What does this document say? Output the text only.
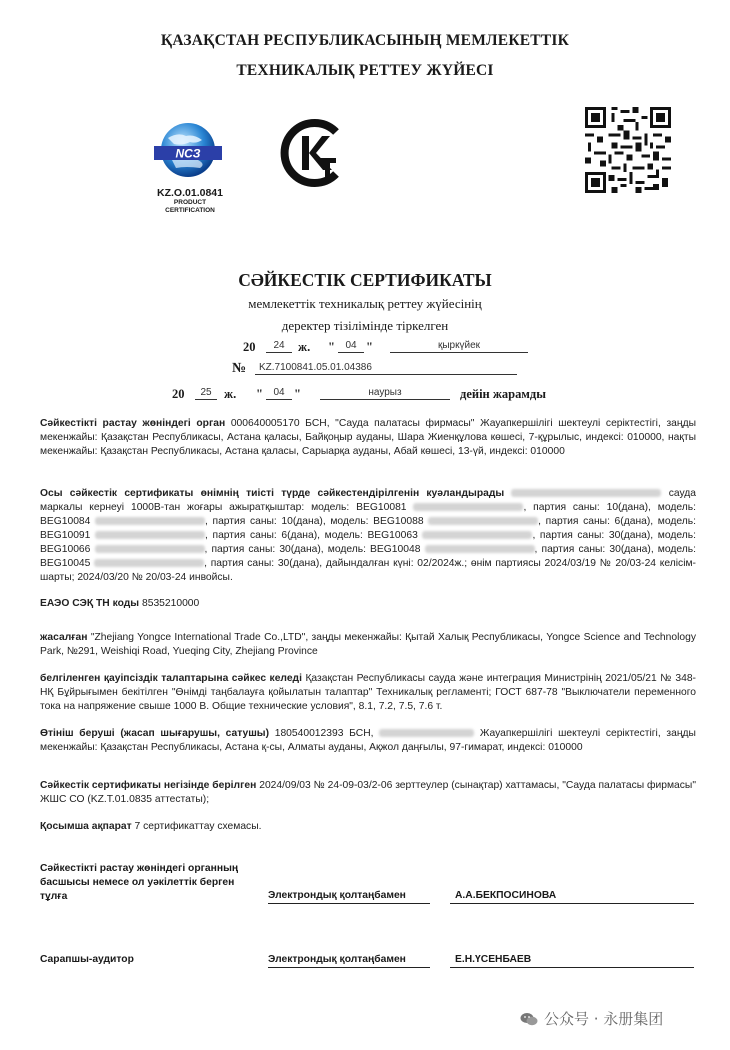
ҚАЗАҚСТАН РЕСПУБЛИКАСЫНЫҢ МЕМЛЕКЕТТІК
ТЕХНИКАЛЫҚ РЕТТЕУ ЖҮЙЕСІ
NCЗ
KZ.O.01.0841
PRODUCT
CERTIFICATION
СӘЙКЕСТІК СЕРТИФИКАТЫ
мемлекеттік техникалық реттеу жүйесінің
деректер тізілімінде тіркелген
20	24	ж. "	04 "	қыркүйек
№	KZ.7100841.05.01.04386
20	25 ж. "	04 "	наурыз	дейін жарамды
Сәйкестікті растау жөніндегі орган 000640005170 БСН, "Сауда палатасы фирмасы" Жауапкершілігі шектеулі серіктестігі, заңды мекенжайы: Қазақстан Республикасы, Астана қаласы, Байқоңыр ауданы, Шара Жиенқұлова көшесі, 7-құрылыс, индексі: 010000, нақты мекенжайы: Қазақстан Республикасы, Астана қаласы, Сарыарқа ауданы, Абай көшесі, 13-үй, индексі: 010000
Осы сәйкестік сертификаты өнімнің тиісті түрде сәйкестендірілгенін куәландырады	сауда маркалы кернеуі 1000В-тан жоғары ажыратқыштар: модель: BEG10081	, партия саны: 10(дана), модель: BEG10084	, партия саны: 10(дана), модель: BEG10088	, партия саны: 6(дана), модель: BEG10091	, партия саны: 6(дана), модель: BEG10063	, партия саны: 30(дана), модель: BEG10066	, партия саны: 30(дана), модель: BEG10048	, партия саны: 30(дана), модель: BEG10045	, партия саны: 30(дана), дайындалған күні: 02/2024ж.; өнім партиясы 2024/03/19 № 20/03-24 келісім-шарты; 2024/03/20 № 20/03-24 инвойсы.
ЕАЭО СЭҚ ТН коды 8535210000
жасалған "Zhejiang Yongce International Trade Co.,LTD", заңды мекенжайы: Қытай Халық Республикасы, Yongce Science and Technology Park, №291, Weishiqi Road, Yueqing City, Zhejiang Province
белгіленген қауіпсіздік талаптарына сәйкес келеді Қазақстан Республикасы сауда және интеграция Министрінің 2021/05/21 № 348-НҚ Бұйрығымен бекітілген "Өнімді таңбалауға қойылатын талаптар" Техникалық регламенті; ГОСТ 687-78 "Выключатели переменного тока на напряжение свыше 1000 В. Общие технические условия", 8.1, 7.2, 7.5, 7.6 т.
Өтініш беруші (жасап шығарушы, сатушы) 180540012393 БСН,	Жауапкершілігі шектеулі серіктестігі, заңды мекенжайы: Қазақстан Республикасы, Астана қ-сы, Алматы ауданы, Ақжол даңғылы, 97-гимарат, индексі: 010000
Сәйкестік сертификаты негізінде берілген 2024/09/03 № 24-09-03/2-06 зерттеулер (сынақтар) хаттамасы, "Сауда палатасы фирмасы" ЖШС СО (KZ.T.01.0835 аттестаты);
Қосымша ақпарат 7 сертификаттау схемасы.
Сәйкестікті растау жөніндегі органның
басшысы немесе ол уәкілеттік берген
тұлға	Электрондық қолтаңбамен	А.А.БЕКПОСИНОВА
Сарапшы-аудитор	Электрондық қолтаңбамен	Е.Н.ҮСЕНБАЕВ
公众号 · 永册集团
